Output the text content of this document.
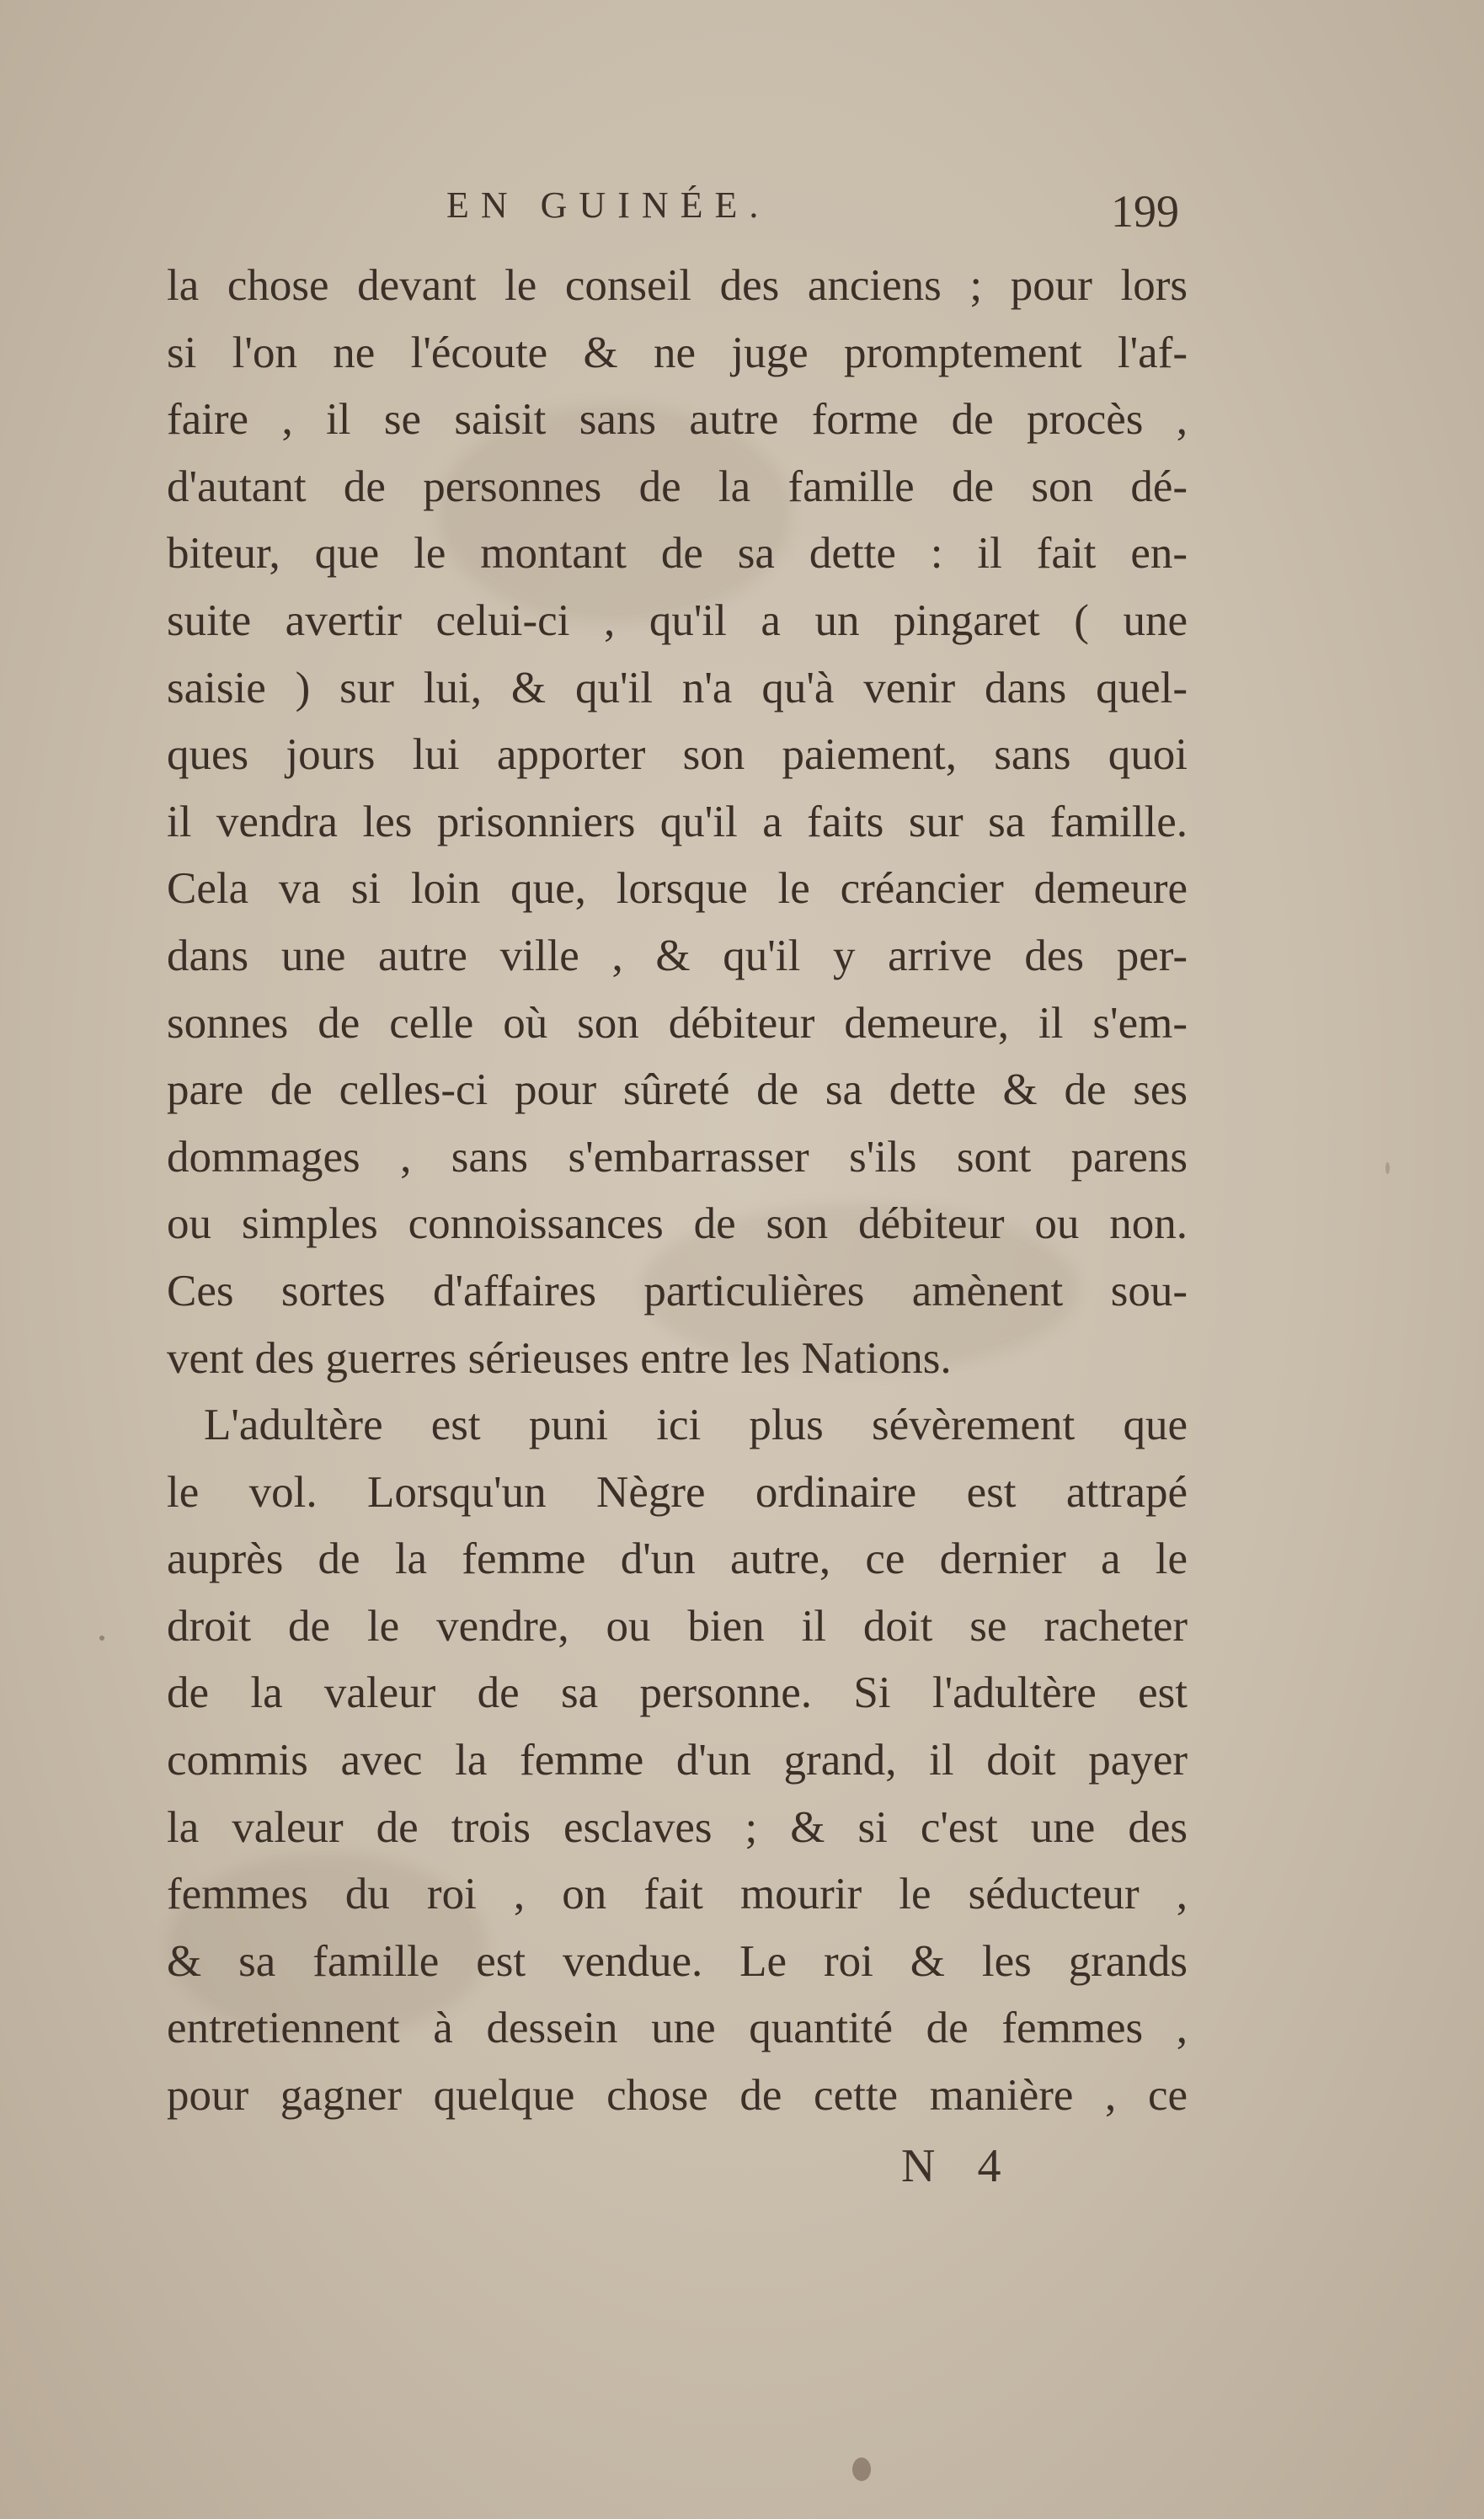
EN GUINÉE.	199
la chose devant le conseil des anciens ; pour lors
si l'on ne l'écoute & ne juge promptement l'af-
faire , il se saisit sans autre forme de procès ,
d'autant de personnes de la famille de son dé-
biteur, que le montant de sa dette : il fait en-
suite avertir celui-ci , qu'il a un pingaret ( une
saisie ) sur lui, & qu'il n'a qu'à venir dans quel-
ques jours lui apporter son paiement, sans quoi
il vendra les prisonniers qu'il a faits sur sa famille.
Cela va si loin que, lorsque le créancier demeure
dans une autre ville , & qu'il y arrive des per-
sonnes de celle où son débiteur demeure, il s'em-
pare de celles-ci pour sûreté de sa dette & de ses
dommages , sans s'embarrasser s'ils sont parens
ou simples connoissances de son débiteur ou non.
Ces sortes d'affaires particulières amènent sou-
vent des guerres sérieuses entre les Nations.
L'adultère est puni ici plus sévèrement que
le vol. Lorsqu'un Nègre ordinaire est attrapé
auprès de la femme d'un autre, ce dernier a le
droit de le vendre, ou bien il doit se racheter
de la valeur de sa personne. Si l'adultère est
commis avec la femme d'un grand, il doit payer
la valeur de trois esclaves ; & si c'est une des
femmes du roi , on fait mourir le séducteur ,
& sa famille est vendue. Le roi & les grands
entretiennent à dessein une quantité de femmes ,
pour gagner quelque chose de cette manière , ce
N 4
